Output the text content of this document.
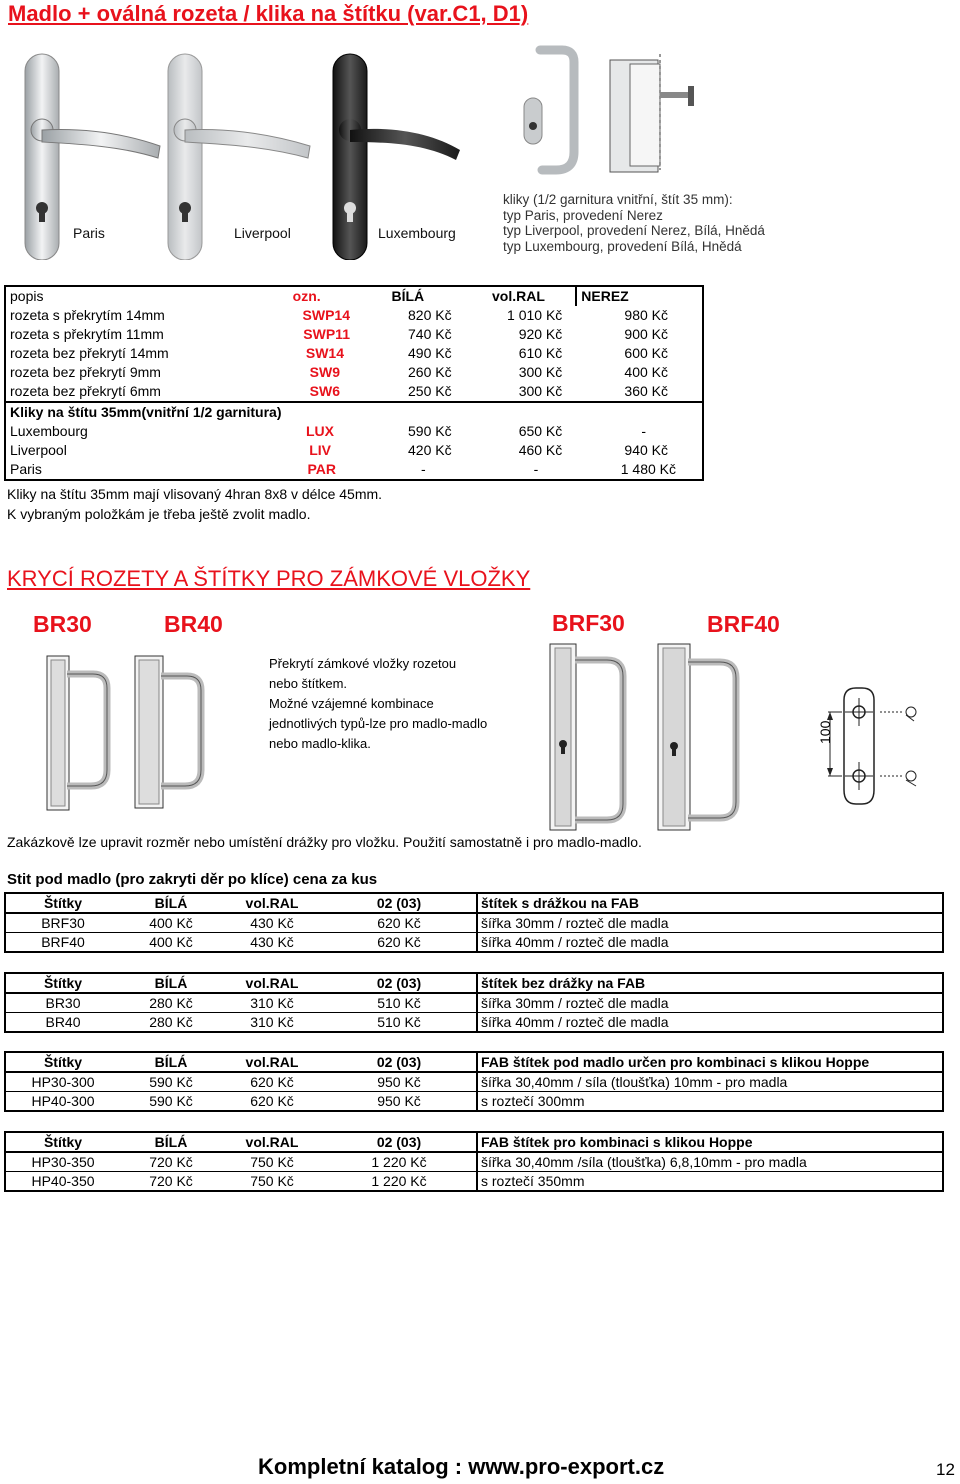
Madlo + oválná rozeta / klika na štítku (var.C1, D1)
Paris	Liverpool	Luxembourg
kliky (1/2 garnitura vnitřní, štít 35 mm):
typ Paris, provedení Nerez
typ Liverpool, provedení Nerez, Bílá, Hnědá
typ Luxembourg, provedení Bílá, Hnědá
popis	ozn.	BÍLÁ	vol.RAL	NEREZ
rozeta s překrytím 14mm	SWP14	820 Kč	1 010 Kč	980 Kč
rozeta s překrytím 11mm	SWP11	740 Kč	920 Kč	900 Kč
rozeta bez překrytí 14mm	SW14	490 Kč	610 Kč	600 Kč
rozeta bez překrytí 9mm	SW9	260 Kč	300 Kč	400 Kč
rozeta bez překrytí 6mm	SW6	250 Kč	300 Kč	360 Kč
Kliky na štítu 35mm(vnitřní 1/2 garnitura)				
Luxembourg	LUX	590 Kč	650 Kč	-
Liverpool	LIV	420 Kč	460 Kč	940 Kč
Paris	PAR	-	-	1 480 Kč
Kliky na štítu 35mm mají vlisovaný 4hran 8x8 v délce 45mm.
K vybraným položkám je třeba ještě zvolit madlo.
KRYCÍ ROZETY A ŠTÍTKY PRO ZÁMKOVÉ VLOŽKY
BR30	BR40	BRF30	BRF40
Překrytí zámkové vložky rozetou
nebo štítkem.
Možné vzájemné kombinace
jednotlivých typů-lze pro madlo-madlo
nebo madlo-klika.	100
Zakázkově lze upravit rozměr nebo umístění drážky pro vložku. Použití samostatně i pro madlo-madlo.
Stit pod madlo (pro zakryti děr po klíce) cena za kus
Štítky	BÍLÁ	vol.RAL	02 (03)	štítek s drážkou na FAB
BRF30	400 Kč	430 Kč	620 Kč	šířka 30mm / rozteč dle madla
BRF40	400 Kč	430 Kč	620 Kč	šířka 40mm / rozteč dle madla
Štítky	BÍLÁ	vol.RAL	02 (03)	štítek bez drážky na FAB
BR30	280 Kč	310 Kč	510 Kč	šířka 30mm / rozteč dle madla
BR40	280 Kč	310 Kč	510 Kč	šířka 40mm / rozteč dle madla
Štítky	BÍLÁ	vol.RAL	02 (03)	FAB štítek pod madlo určen pro kombinaci s klikou Hoppe
HP30-300	590 Kč	620 Kč	950 Kč	šířka 30,40mm / síla (tloušťka) 10mm - pro madla
HP40-300	590 Kč	620 Kč	950 Kč	s roztečí 300mm
Štítky	BÍLÁ	vol.RAL	02 (03)	FAB štítek pro kombinaci s klikou Hoppe
HP30-350	720 Kč	750 Kč	1 220 Kč	šířka 30,40mm /síla (tloušťka) 6,8,10mm - pro madla
HP40-350	720 Kč	750 Kč	1 220 Kč	s roztečí 350mm
Kompletní katalog : www.pro-export.cz	12
